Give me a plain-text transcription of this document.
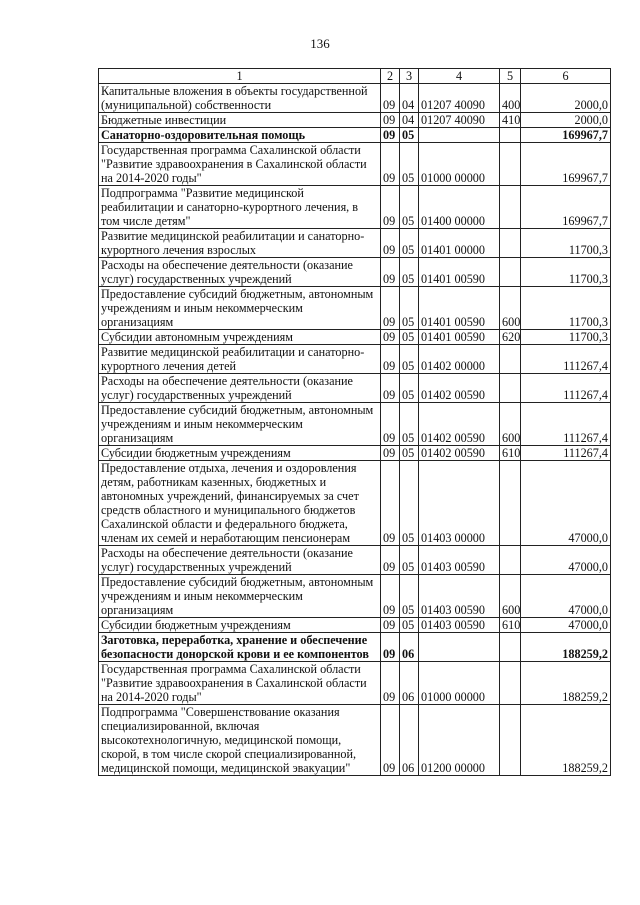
136
1	2	3	4	5	6
Капитальные вложения в объекты государственной (муниципальной) собственности	09	04	01207 40090	400	2000,0
Бюджетные инвестиции	09	04	01207 40090	410	2000,0
Санаторно-оздоровительная помощь	09	05			169967,7
Государственная программа Сахалинской области "Развитие здравоохранения в Сахалинской области на 2014-2020 годы"	09	05	01000 00000		169967,7
Подпрограмма "Развитие медицинской реабилитации и санаторно-курортного лечения, в том числе детям"	09	05	01400 00000		169967,7
Развитие медицинской реабилитации и санаторно-курортного лечения взрослых	09	05	01401 00000		11700,3
Расходы на обеспечение деятельности (оказание услуг) государственных учреждений	09	05	01401 00590		11700,3
Предоставление субсидий бюджетным, автономным учреждениям и иным некоммерческим организациям	09	05	01401 00590	600	11700,3
Субсидии автономным учреждениям	09	05	01401 00590	620	11700,3
Развитие медицинской реабилитации и санаторно-курортного лечения детей	09	05	01402 00000		111267,4
Расходы на обеспечение деятельности (оказание услуг) государственных учреждений	09	05	01402 00590		111267,4
Предоставление субсидий бюджетным, автономным учреждениям и иным некоммерческим организациям	09	05	01402 00590	600	111267,4
Субсидии бюджетным учреждениям	09	05	01402 00590	610	111267,4
Предоставление отдыха, лечения и оздоровления детям, работникам казенных, бюджетных и автономных учреждений, финансируемых за счет средств областного и муниципального бюджетов Сахалинской области и федерального бюджета, членам их семей и неработающим пенсионерам	09	05	01403 00000		47000,0
Расходы на обеспечение деятельности (оказание услуг) государственных учреждений	09	05	01403 00590		47000,0
Предоставление субсидий бюджетным, автономным учреждениям и иным некоммерческим организациям	09	05	01403 00590	600	47000,0
Субсидии бюджетным учреждениям	09	05	01403 00590	610	47000,0
Заготовка, переработка, хранение и обеспечение безопасности донорской крови и ее компонентов	09	06			188259,2
Государственная программа Сахалинской области "Развитие здравоохранения в Сахалинской области на 2014-2020 годы"	09	06	01000 00000		188259,2
Подпрограмма "Совершенствование оказания специализированной, включая высокотехнологичную, медицинской помощи, скорой, в том числе скорой специализированной, медицинской помощи, медицинской эвакуации"	09	06	01200 00000		188259,2
